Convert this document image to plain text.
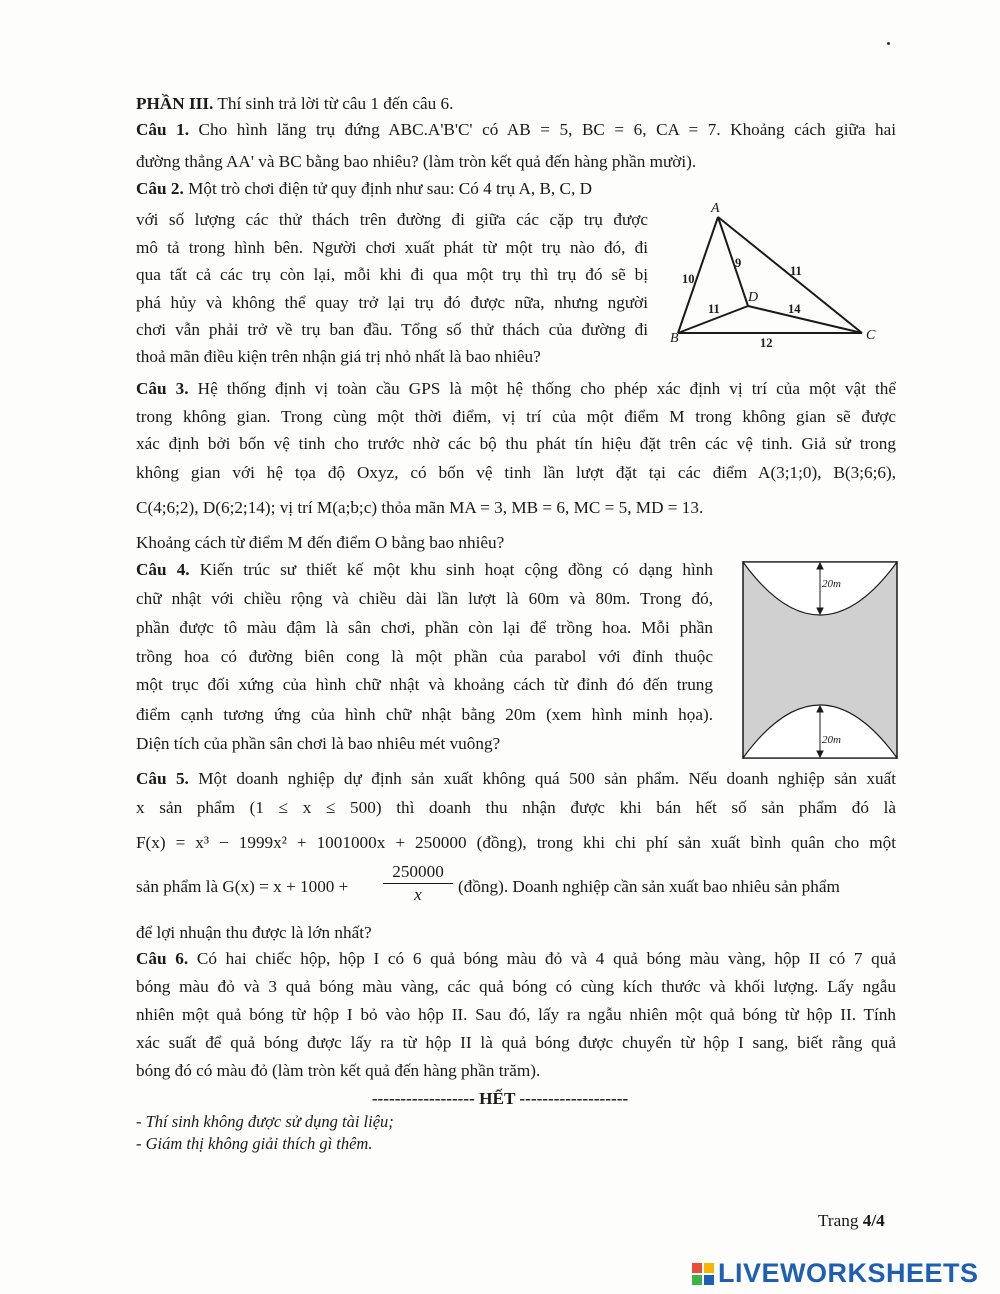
PHẦN III. Thí sinh trả lời từ câu 1 đến câu 6.
Câu 1. Cho hình lăng trụ đứng ABC.A'B'C' có AB = 5, BC = 6, CA = 7. Khoảng cách giữa hai
đường thẳng AA' và BC bằng bao nhiêu? (làm tròn kết quả đến hàng phần mười).
Câu 2. Một trò chơi điện tử quy định như sau: Có 4 trụ A, B, C, D
với số lượng các thử thách trên đường đi giữa các cặp trụ được
mô tả trong hình bên. Người chơi xuất phát từ một trụ nào đó, đi
qua tất cả các trụ còn lại, mỗi khi đi qua một trụ thì trụ đó sẽ bị
phá hủy và không thể quay trở lại trụ đó được nữa, nhưng người
chơi vẫn phải trở về trụ ban đầu. Tổng số thử thách của đường đi
thoả mãn điều kiện trên nhận giá trị nhỏ nhất là bao nhiêu?
A
B	C
D
10
9
11
11	14
12
Câu 3. Hệ thống định vị toàn cầu GPS là một hệ thống cho phép xác định vị trí của một vật thể
trong không gian. Trong cùng một thời điểm, vị trí của một điểm M trong không gian sẽ được
xác định bởi bốn vệ tinh cho trước nhờ các bộ thu phát tín hiệu đặt trên các vệ tinh. Giả sử trong
không gian với hệ tọa độ Oxyz, có bốn vệ tinh lần lượt đặt tại các điểm A(3;1;0), B(3;6;6),
C(4;6;2), D(6;2;14); vị trí M(a;b;c) thỏa mãn MA = 3, MB = 6, MC = 5, MD = 13.
Khoảng cách từ điểm M đến điểm O bằng bao nhiêu?
Câu 4. Kiến trúc sư thiết kế một khu sinh hoạt cộng đồng có dạng hình
chữ nhật với chiều rộng và chiều dài lần lượt là 60m và 80m. Trong đó,
phần được tô màu đậm là sân chơi, phần còn lại để trồng hoa. Mỗi phần
trồng hoa có đường biên cong là một phần của parabol với đỉnh thuộc
một trục đối xứng của hình chữ nhật và khoảng cách từ đỉnh đó đến trung
điểm cạnh tương ứng của hình chữ nhật bằng 20m (xem hình minh họa).
Diện tích của phần sân chơi là bao nhiêu mét vuông?
20m
20m
Câu 5. Một doanh nghiệp dự định sản xuất không quá 500 sản phẩm. Nếu doanh nghiệp sản xuất
x sản phẩm (1 ≤ x ≤ 500) thì doanh thu nhận được khi bán hết số sản phẩm đó là
F(x) = x³ − 1999x² + 1001000x + 250000 (đồng), trong khi chi phí sản xuất bình quân cho một
sản phẩm là $G(x) = x + 1000 + \frac{250000}{x}$ (đồng). Doanh nghiệp cần sản xuất bao nhiêu sản phẩm
để lợi nhuận thu được là lớn nhất?
Câu 6. Có hai chiếc hộp, hộp I có 6 quả bóng màu đỏ và 4 quả bóng màu vàng, hộp II có 7 quả
bóng màu đỏ và 3 quả bóng màu vàng, các quả bóng có cùng kích thước và khối lượng. Lấy ngẫu
nhiên một quả bóng từ hộp I bỏ vào hộp II. Sau đó, lấy ra ngẫu nhiên một quả bóng từ hộp II. Tính
xác suất để quả bóng được lấy ra từ hộp II là quả bóng được chuyển từ hộp I sang, biết rằng quả
bóng đó có màu đỏ (làm tròn kết quả đến hàng phần trăm).
------------------ HẾT -------------------
- Thí sinh không được sử dụng tài liệu;
- Giám thị không giải thích gì thêm.
Trang 4/4
LIVEWORKSHEETS
